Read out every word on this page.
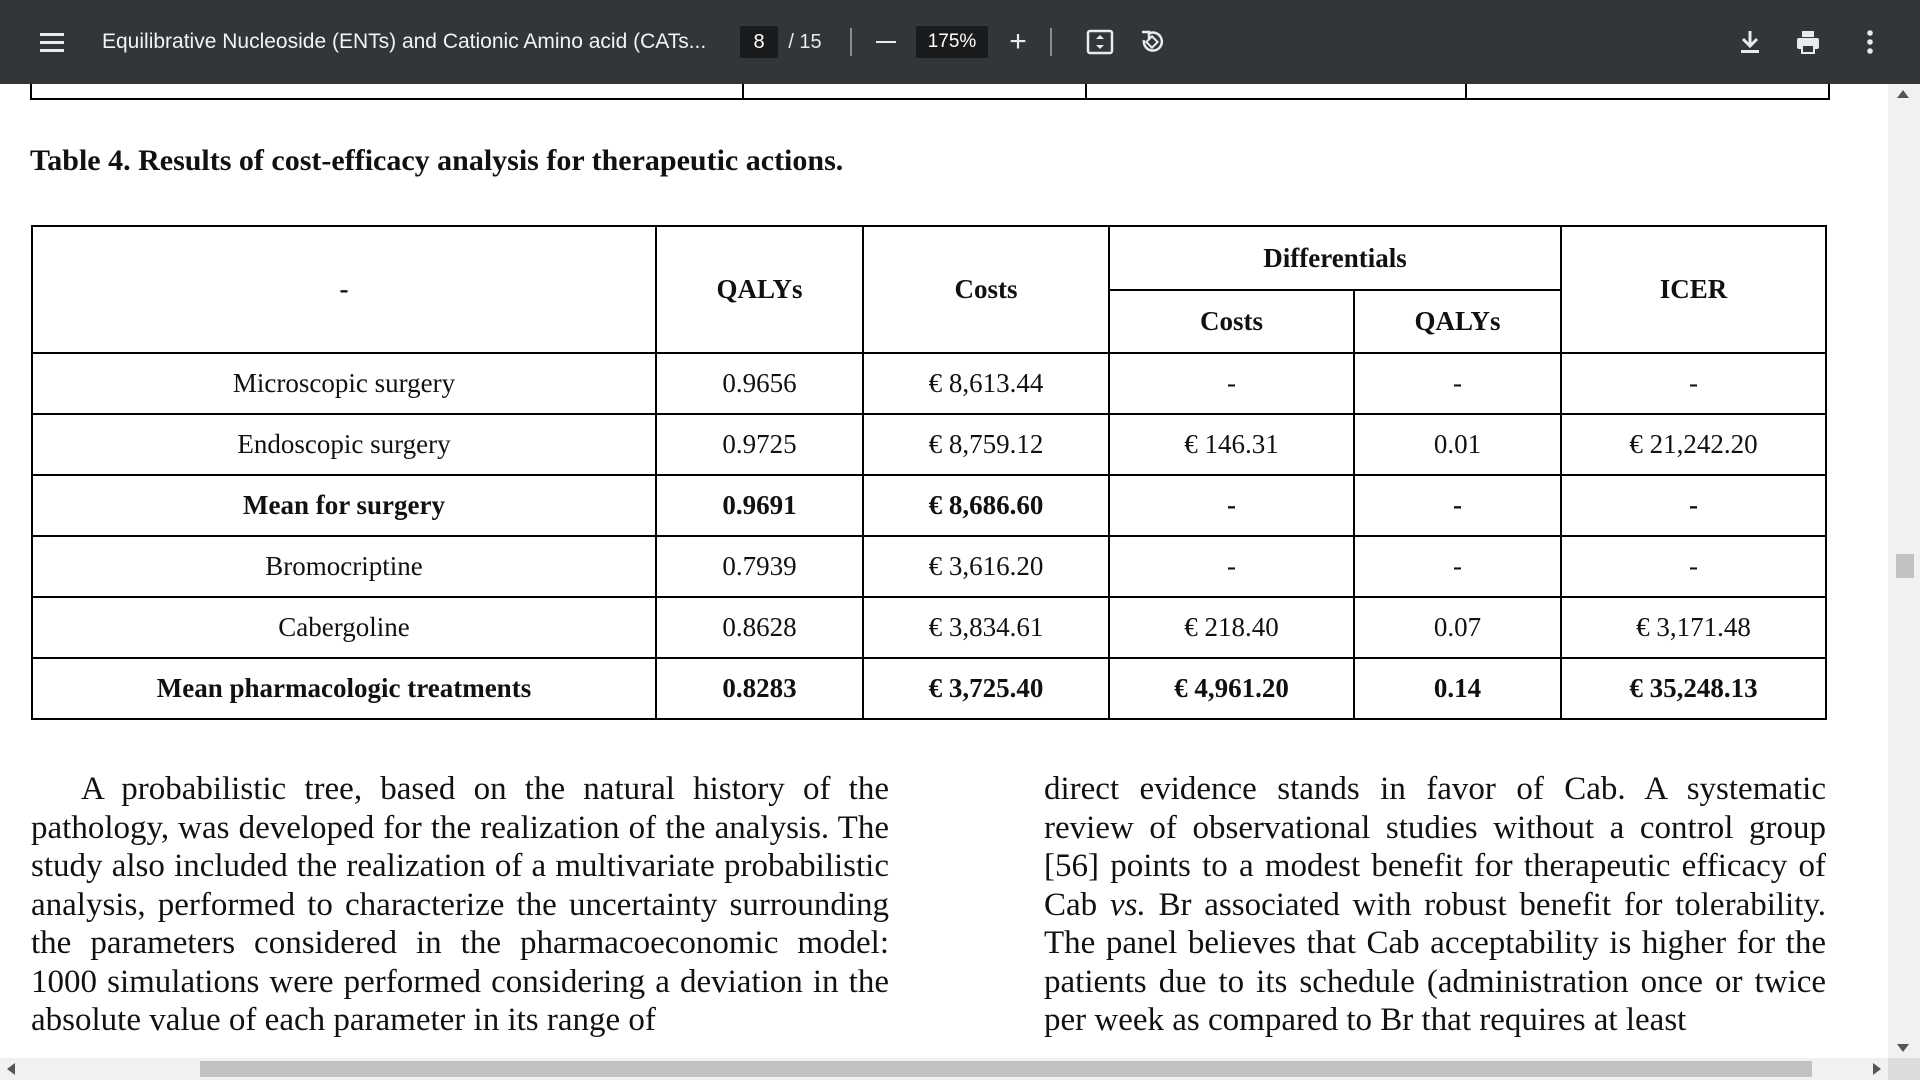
Equilibrative Nucleoside (ENTs) and Cationic Amino acid (CATs...	8	/ 15	175%	+
Table 4. Results of cost-efficacy analysis for therapeutic actions.
-	QALYs	Costs	Differentials		ICER
			Costs	QALYs	
Microscopic surgery	0.9656	€ 8,613.44	-	-	-
Endoscopic surgery	0.9725	€ 8,759.12	€ 146.31	0.01	€ 21,242.20
Mean for surgery	0.9691	€ 8,686.60	-	-	-
Bromocriptine	0.7939	€ 3,616.20	-	-	-
Cabergoline	0.8628	€ 3,834.61	€ 218.40	0.07	€ 3,171.48
Mean pharmacologic treatments	0.8283	€ 3,725.40	€ 4,961.20	0.14	€ 35,248.13
A probabilistic tree, based on the natural history of the pathology, was developed for the realization of the analysis. The study also included the realization of a multivariate probabilistic analysis, performed to characterize the uncertainty surrounding the parameters considered in the pharmacoeconomic model: 1000 simulations were performed considering a deviation in the absolute value of each parameter in its range of
direct evidence stands in favor of Cab. A systematic review of observational studies without a control group [56] points to a modest benefit for therapeutic efficacy of Cab vs. Br associated with robust benefit for tolerability. The panel believes that Cab acceptability is higher for the patients due to its schedule (administration once or twice per week as compared to Br that requires at least
